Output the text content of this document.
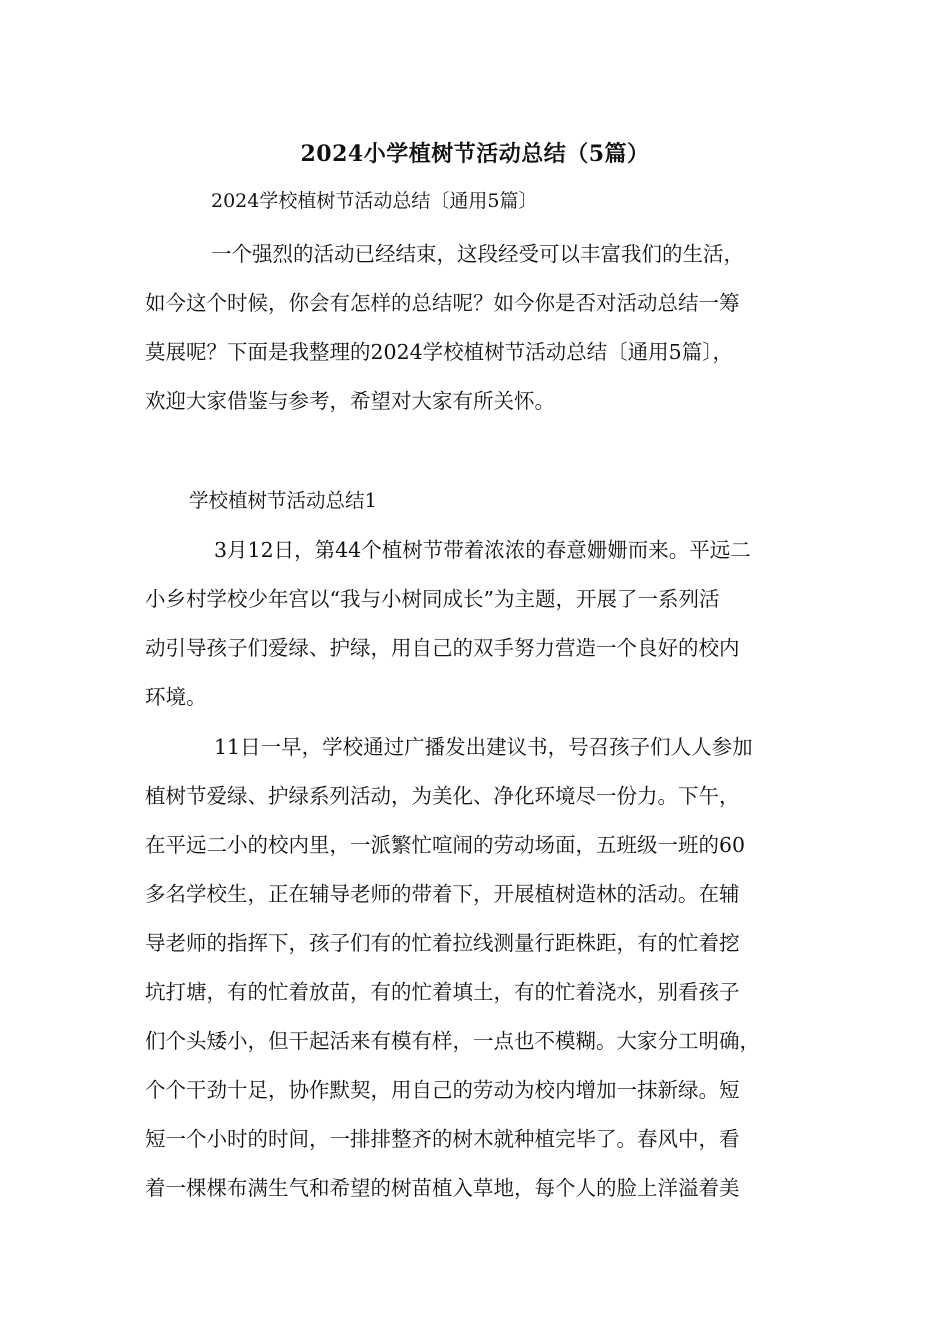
2024小学植树节活动总结（5篇）
2024学校植树节活动总结〔通用5篇〕
一个强烈的活动已经结束，这段经受可以丰富我们的生活，
如今这个时候，你会有怎样的总结呢？如今你是否对活动总结一筹
莫展呢？下面是我整理的2024学校植树节活动总结〔通用5篇〕，
欢迎大家借鉴与参考，希望对大家有所关怀。
学校植树节活动总结1
3月12日，第44个植树节带着浓浓的春意姗姗而来。平远二
小乡村学校少年宫以“我与小树同成长”为主题，开展了一系列活
动引导孩子们爱绿、护绿，用自己的双手努力营造一个良好的校内
环境。
11日一早，学校通过广播发出建议书，号召孩子们人人参加
植树节爱绿、护绿系列活动，为美化、净化环境尽一份力。下午，
在平远二小的校内里，一派繁忙喧闹的劳动场面，五班级一班的60
多名学校生，正在辅导老师的带着下，开展植树造林的活动。在辅
导老师的指挥下，孩子们有的忙着拉线测量行距株距，有的忙着挖
坑打塘，有的忙着放苗，有的忙着填土，有的忙着浇水，别看孩子
们个头矮小，但干起活来有模有样，一点也不模糊。大家分工明确，
个个干劲十足，协作默契，用自己的劳动为校内增加一抹新绿。短
短一个小时的时间，一排排整齐的树木就种植完毕了。春风中，看
着一棵棵布满生气和希望的树苗植入草地，每个人的脸上洋溢着美
